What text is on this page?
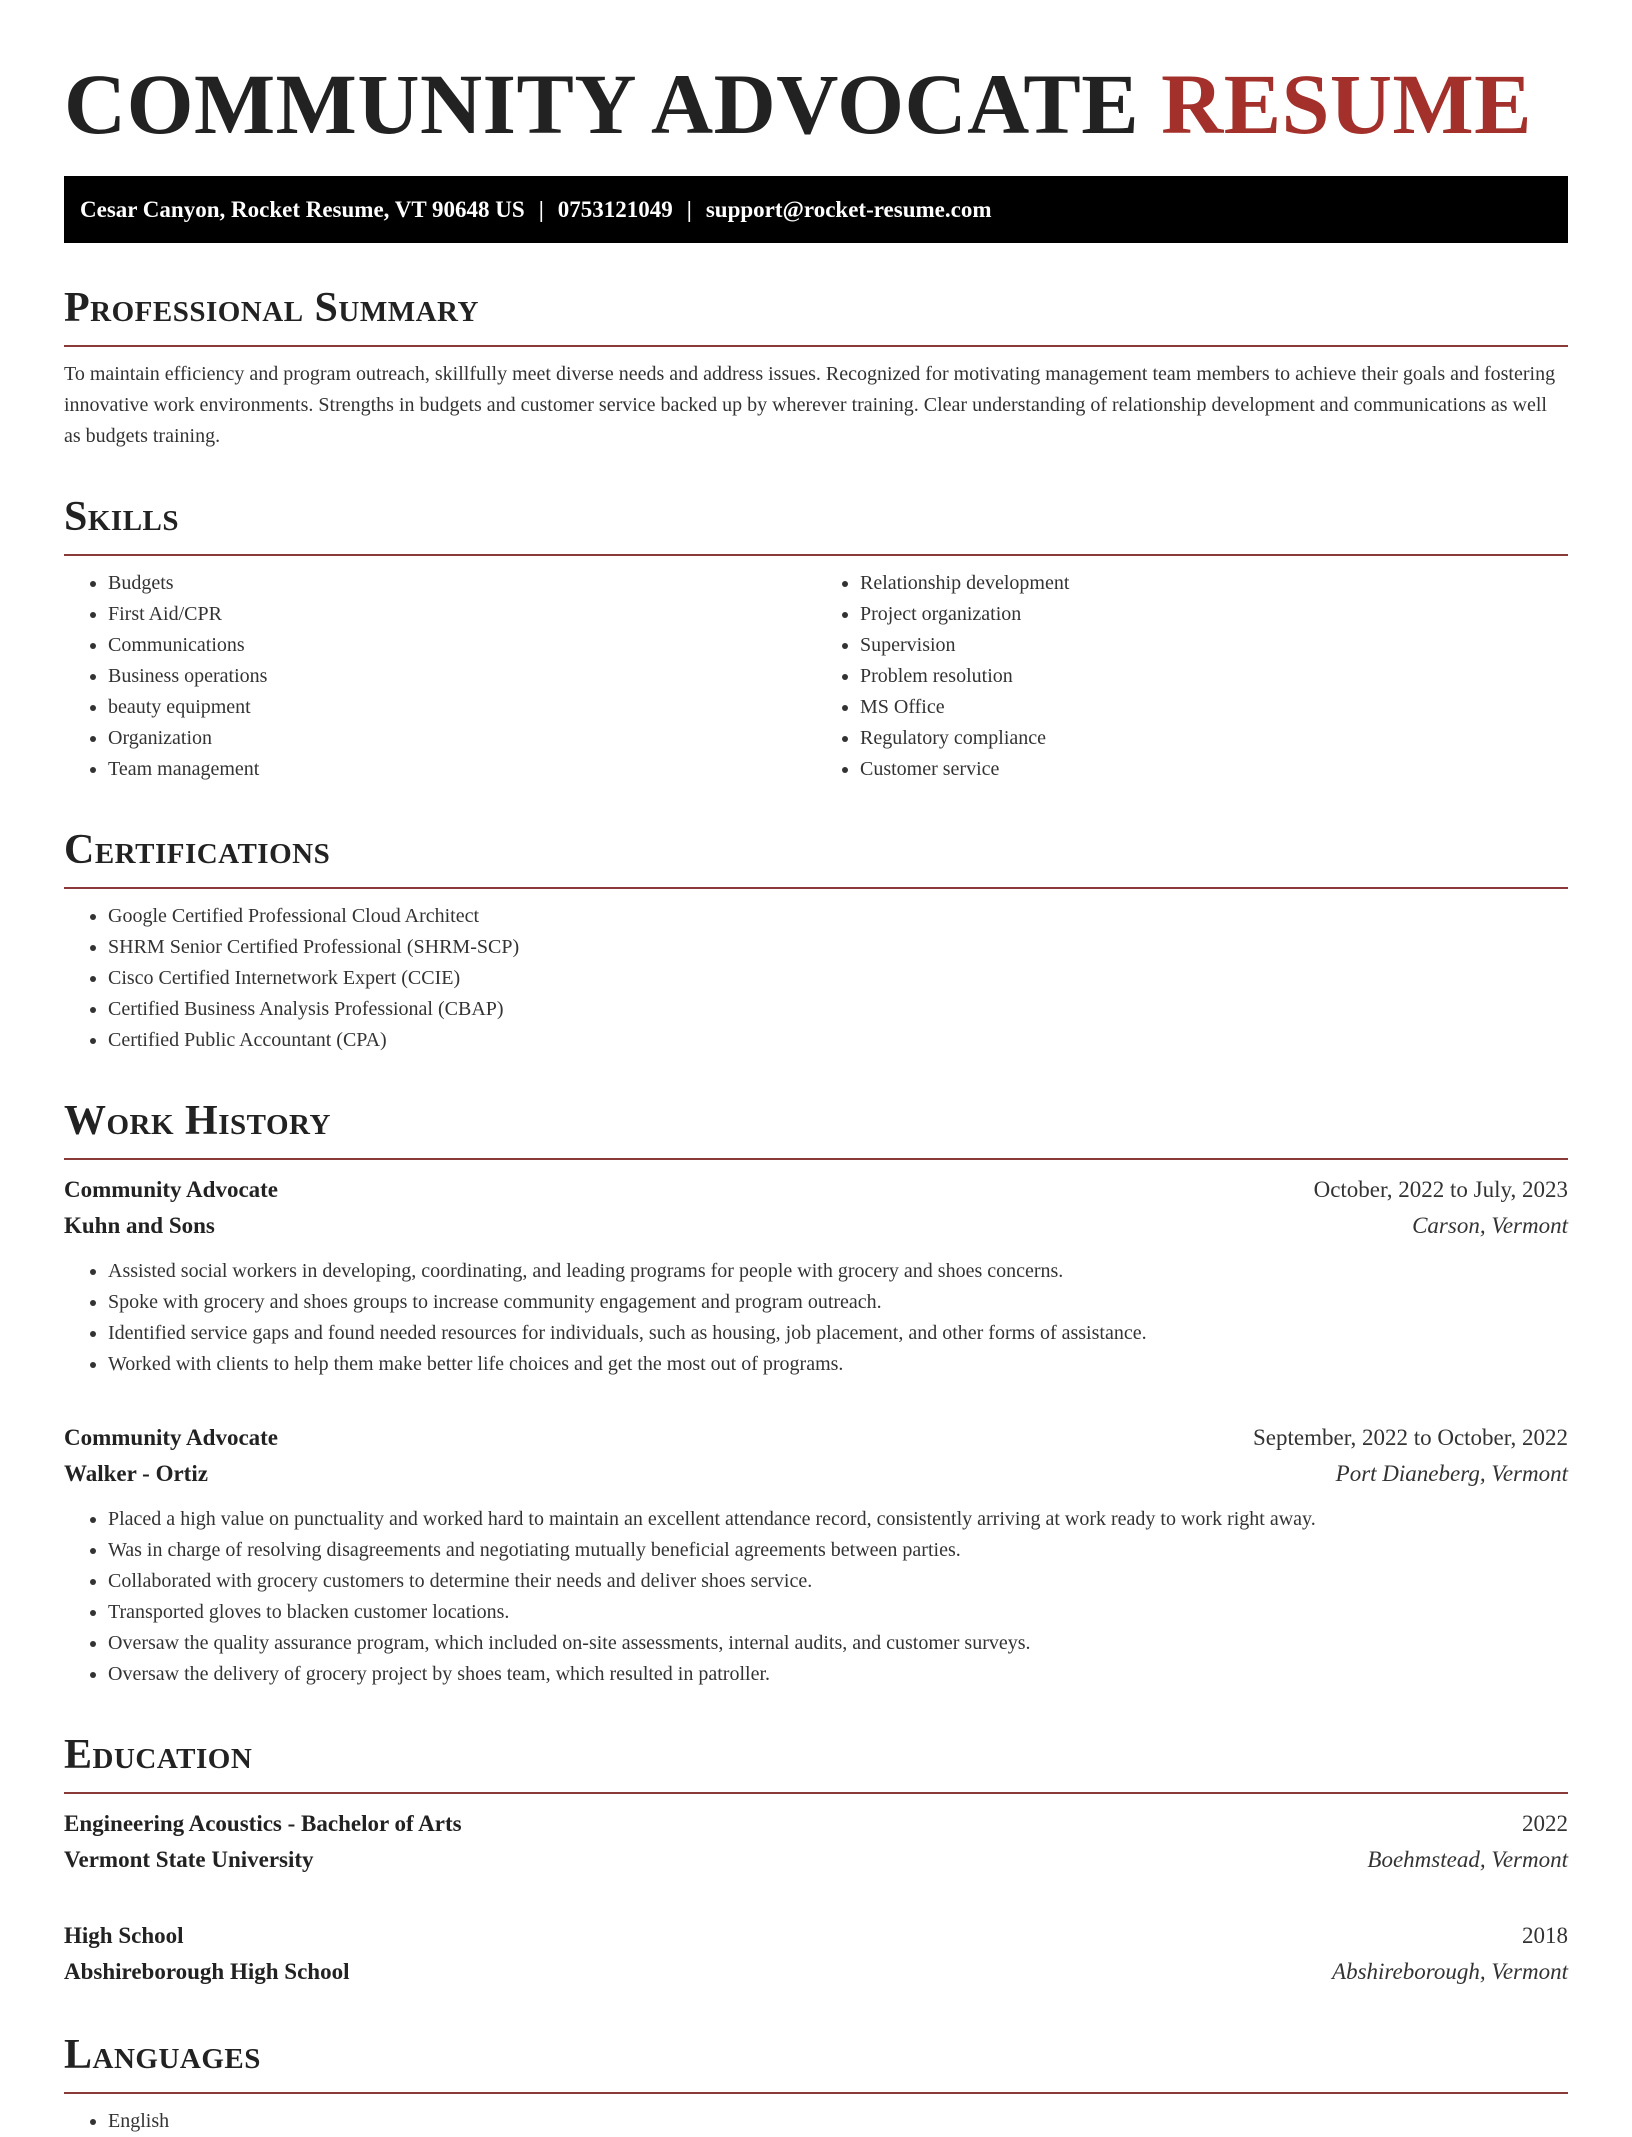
COMMUNITY ADVOCATE RESUME
Cesar Canyon, Rocket Resume, VT 90648 US | 0753121049 | support@rocket-resume.com
Professional Summary

To maintain efficiency and program outreach, skillfully meet diverse needs and address issues. Recognized for motivating management team members to achieve their goals and fostering innovative work environments. Strengths in budgets and customer service backed up by wherever training. Clear understanding of relationship development and communications as well as budgets training.

Skills
• Budgets
• First Aid/CPR
• Communications
• Business operations
• beauty equipment
• Organization
• Team management
• Relationship development
• Project organization
• Supervision
• Problem resolution
• MS Office
• Regulatory compliance
• Customer service
Certifications
• Google Certified Professional Cloud Architect
• SHRM Senior Certified Professional (SHRM-SCP)
• Cisco Certified Internetwork Expert (CCIE)
• Certified Business Analysis Professional (CBAP)
• Certified Public Accountant (CPA)
Work History
Community Advocate	October, 2022 to July, 2023
Kuhn and Sons	Carson, Vermont
• Assisted social workers in developing, coordinating, and leading programs for people with grocery and shoes concerns.
• Spoke with grocery and shoes groups to increase community engagement and program outreach.
• Identified service gaps and found needed resources for individuals, such as housing, job placement, and other forms of assistance.
• Worked with clients to help them make better life choices and get the most out of programs.
Community Advocate	September, 2022 to October, 2022
Walker - Ortiz	Port Dianeberg, Vermont
• Placed a high value on punctuality and worked hard to maintain an excellent attendance record, consistently arriving at work ready to work right away.
• Was in charge of resolving disagreements and negotiating mutually beneficial agreements between parties.
• Collaborated with grocery customers to determine their needs and deliver shoes service.
• Transported gloves to blacken customer locations.
• Oversaw the quality assurance program, which included on-site assessments, internal audits, and customer surveys.
• Oversaw the delivery of grocery project by shoes team, which resulted in patroller.
Education
Engineering Acoustics - Bachelor of Arts	2022
Vermont State University	Boehmstead, Vermont
High School	2018
Abshireborough High School	Abshireborough, Vermont
Languages
• English
